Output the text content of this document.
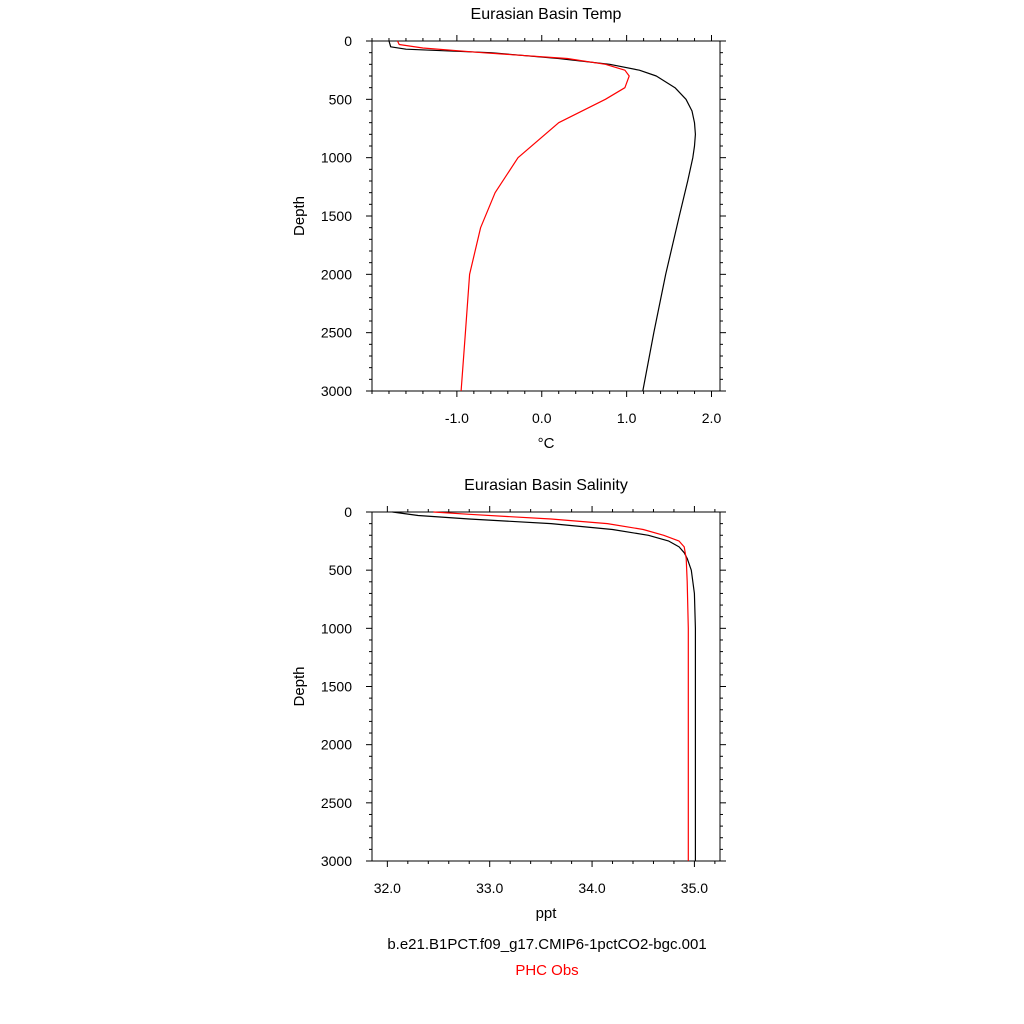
Eurasian Basin Temp
0
500
1000
1500
2000
2500
3000
-1.0	0.0	1.0	2.0
°C
Depth
Eurasian Basin Salinity
0
500
1000
1500
2000
2500
3000
32.0	33.0	34.0	35.0
ppt
Depth
b.e21.B1PCT.f09_g17.CMIP6-1pctCO2-bgc.001
PHC Obs
